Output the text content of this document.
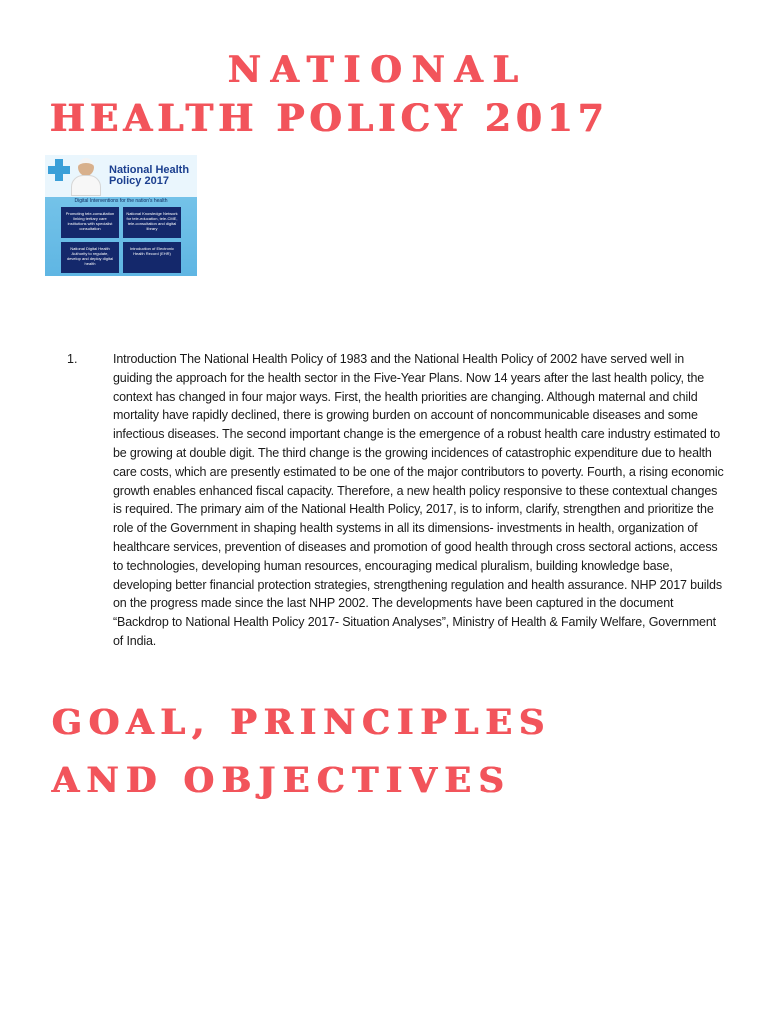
NATIONAL
HEALTH POLICY 2017
National Health Policy 2017
Digital Interventions for the nation's health
Promoting tele-consultation linking tertiary care institutions with specialist consultation
National Knowledge Network for tele-education, tele-CME, tele-consultation and digital library
National Digital Health Authority to regulate, develop and deploy digital health
Introduction of Electronic Health Record (EHR)

1.	Introduction The National Health Policy of 1983 and the National Health Policy of 2002 have served well in guiding the approach for the health sector in the Five-Year Plans. Now 14 years after the last health policy, the context has changed in four major ways. First, the health priorities are changing. Although maternal and child mortality have rapidly declined, there is growing burden on account of noncommunicable diseases and some infectious diseases. The second important change is the emergence of a robust health care industry estimated to be growing at double digit. The third change is the growing incidences of catastrophic expenditure due to health care costs, which are presently estimated to be one of the major contributors to poverty. Fourth, a rising economic growth enables enhanced fiscal capacity. Therefore, a new health policy responsive to these contextual changes is required. The primary aim of the National Health Policy, 2017, is to inform, clarify, strengthen and prioritize the role of the Government in shaping health systems in all its dimensions- investments in health, organization of healthcare services, prevention of diseases and promotion of good health through cross sectoral actions, access to technologies, developing human resources, encouraging medical pluralism, building knowledge base, developing better financial protection strategies, strengthening regulation and health assurance. NHP 2017 builds on the progress made since the last NHP 2002. The developments have been captured in the document “Backdrop to National Health Policy 2017- Situation Analyses”, Ministry of Health & Family Welfare, Government of India.

GOAL, PRINCIPLES
AND OBJECTIVES
